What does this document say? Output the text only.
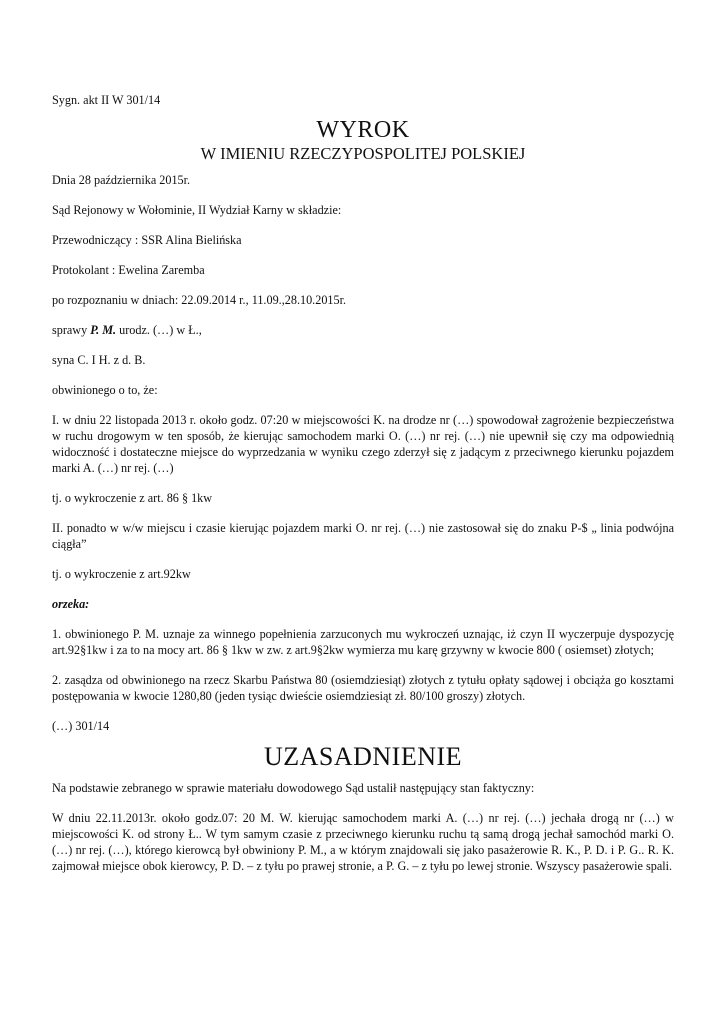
Sygn. akt II W 301/14

WYROK

W IMIENIU RZECZYPOSPOLITEJ POLSKIEJ

Dnia 28 października 2015r.

Sąd Rejonowy w Wołominie, II Wydział Karny w składzie:

Przewodniczący : SSR Alina Bielińska

Protokolant : Ewelina Zaremba

po rozpoznaniu w dniach: 22.09.2014 r., 11.09.,28.10.2015r.

sprawy P. M. urodz. (…) w Ł.,

syna C. I H. z d. B.

obwinionego o to, że:

I. w dniu 22 listopada 2013 r. około godz. 07:20 w miejscowości K. na drodze nr (…) spowodował zagrożenie bezpieczeństwa w ruchu drogowym w ten sposób, że kierując samochodem marki O. (…) nr rej. (…) nie upewnił się czy ma odpowiednią widoczność i dostateczne miejsce do wyprzedzania w wyniku czego zderzył się z jadącym z przeciwnego kierunku pojazdem marki A. (…) nr rej. (…)

tj. o wykroczenie z art. 86 § 1kw

II. ponadto w w/w miejscu i czasie kierując pojazdem marki O. nr rej. (…) nie zastosował się do znaku P-$ „ linia podwójna ciągła”

tj. o wykroczenie z art.92kw

orzeka:

1. obwinionego P. M. uznaje za winnego popełnienia zarzuconych mu wykroczeń uznając, iż czyn II wyczerpuje dyspozycję art.92§1kw i za to na mocy art. 86 § 1kw w zw. z art.9§2kw wymierza mu karę grzywny w kwocie 800 ( osiemset) złotych;

2. zasądza od obwinionego na rzecz Skarbu Państwa 80 (osiemdziesiąt) złotych z tytułu opłaty sądowej i obciąża go kosztami postępowania w kwocie 1280,80 (jeden tysiąc dwieście osiemdziesiąt zł. 80/100 groszy) złotych.

(…) 301/14

UZASADNIENIE

Na podstawie zebranego w sprawie materiału dowodowego Sąd ustalił następujący stan faktyczny:

W dniu 22.11.2013r. około godz.07: 20 M. W. kierując samochodem marki A. (…) nr rej. (…) jechała drogą nr (…) w miejscowości K. od strony Ł.. W tym samym czasie z przeciwnego kierunku ruchu tą samą drogą jechał samochód marki O. (…) nr rej. (…), którego kierowcą był obwiniony P. M., a w którym znajdowali się jako pasażerowie R. K., P. D. i P. G.. R. K. zajmował miejsce obok kierowcy, P. D. – z tyłu po prawej stronie, a P. G. – z tyłu po lewej stronie. Wszyscy pasażerowie spali.
